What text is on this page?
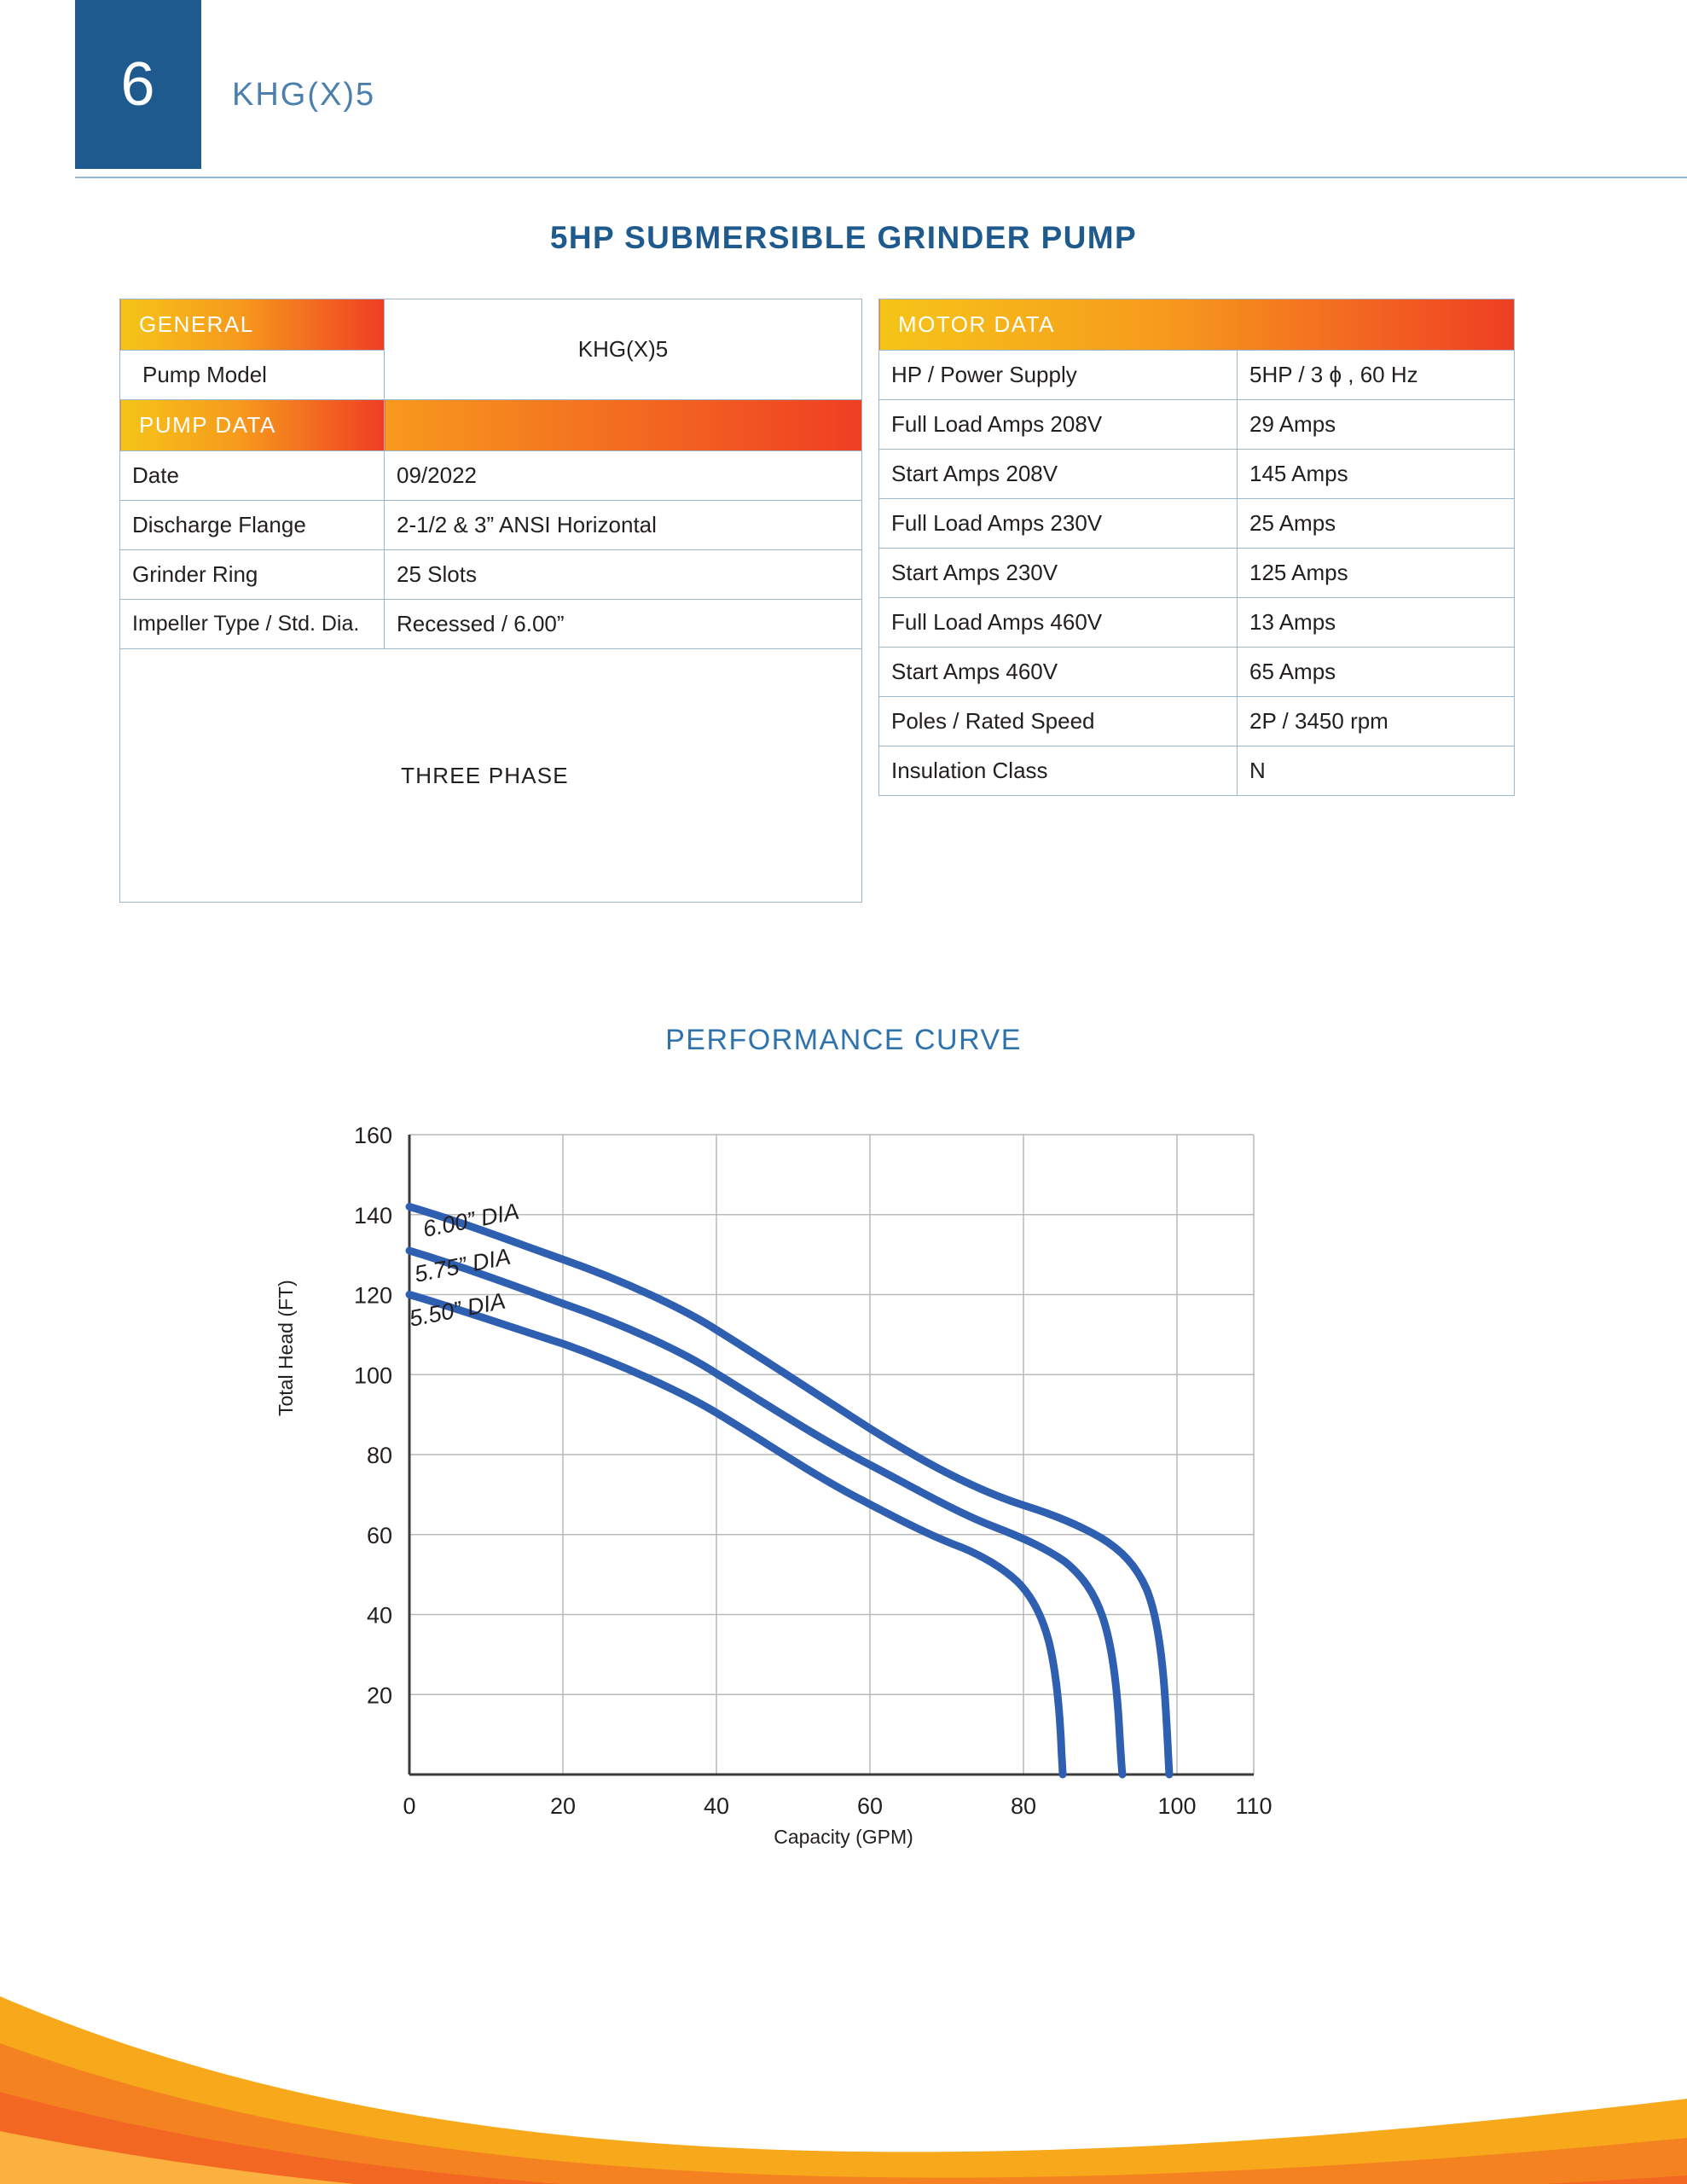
6	KHG(X)5
5HP SUBMERSIBLE GRINDER PUMP
GENERAL	KHG(X)5
Pump Model	
PUMP DATA	
Date	09/2022
Discharge Flange	2-1/2 & 3” ANSI Horizontal
Grinder Ring	25 Slots
Impeller Type / Std. Dia.	Recessed / 6.00”
THREE PHASE	
MOTOR DATA	
HP / Power Supply	5HP / 3 ϕ , 60 Hz
Full Load Amps 208V	29 Amps
Start Amps 208V	145 Amps
Full Load Amps 230V	25 Amps
Start Amps 230V	125 Amps
Full Load Amps 460V	13 Amps
Start Amps 460V	65 Amps
Poles / Rated Speed	2P / 3450 rpm
Insulation Class	N
PERFORMANCE CURVE
160
140
120
100
80
60
40
20
0	20	40	60	80	100 110
6.00” DIA
5.75” DIA
5.50” DIA
Total Head (FT)
Capacity (GPM)
